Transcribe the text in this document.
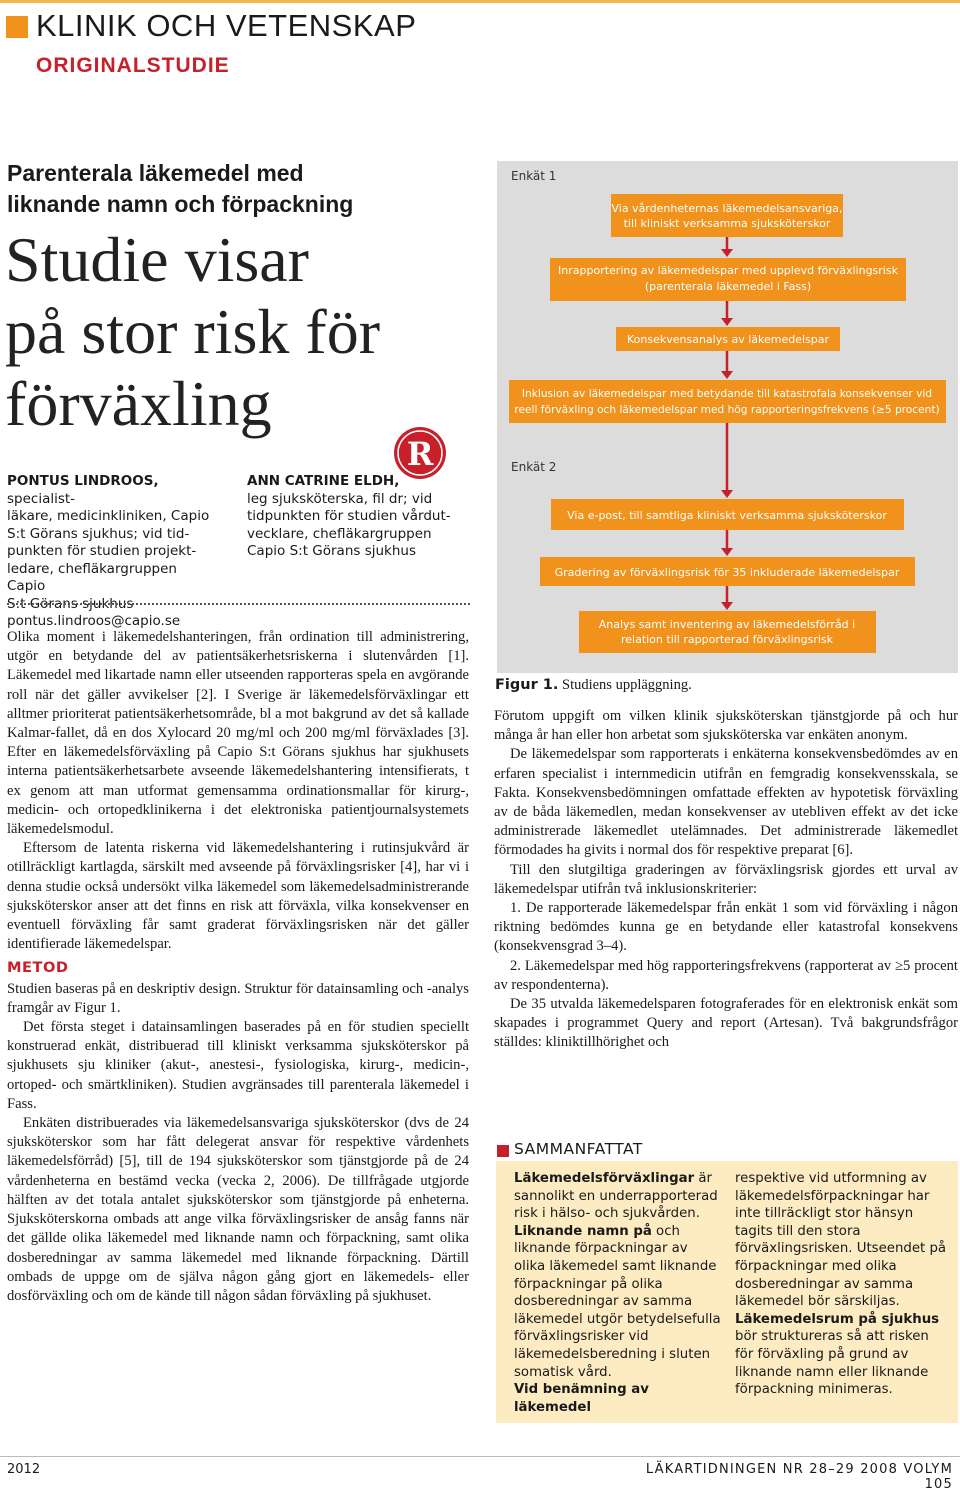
KLINIK OCH VETENSKAP
ORIGINALSTUDIE
Parenterala läkemedel med
liknande namn och förpackning
Studie visar
på stor risk för
förväxling
R
PONTUS LINDROOS, specialist-
läkare, medicinkliniken, Capio
S:t Görans sjukhus; vid tid-
punkten för studien projekt-
ledare, chefläkargruppen Capio
S:t Görans sjukhus
pontus.lindroos@capio.se
ANN CATRINE ELDH,
leg sjuksköterska, fil dr; vid
tidpunkten för studien vårdut-
vecklare, chefläkargruppen
Capio S:t Görans sjukhus

Olika moment i läkemedelshanteringen, från ordination till administrering, utgör en betydande del av patientsäkerhetsriskerna i slutenvården [1]. Läkemedel med likartade namn eller utseenden rapporteras spela en avgörande roll när det gäller avvikelser [2]. I Sverige är läkemedelsförväxlingar ett alltmer prioriterat patientsäkerhetsområde, bl a mot bakgrund av det så kallade Kalmar-fallet, då en dos Xylocard 20 mg/ml och 200 mg/ml förväxlades [3]. Efter en läkemedelsförväxling på Capio S:t Görans sjukhus har sjukhusets interna patientsäkerhetsarbete avseende läkemedelshantering intensifierats, t ex genom att man utformat gemensamma ordinationsmallar för kirurg-, medicin- och ortopedklinikerna i det elektroniska patientjournalsystemets läkemedelsmodul.

Eftersom de latenta riskerna vid läkemedelshantering i rutinsjukvård är otillräckligt kartlagda, särskilt med avseende på förväxlingsrisker [4], har vi i denna studie också undersökt vilka läkemedel som läkemedelsadministrerande sjuksköterskor anser att det finns en risk att förväxla, vilka konsekvenser en eventuell förväxling får samt graderat förväxlingsrisken när det gäller identifierade läkemedelspar.

METOD

Studien baseras på en deskriptiv design. Struktur för datainsamling och -analys framgår av Figur 1.

Det första steget i datainsamlingen baserades på en för studien speciellt konstruerad enkät, distribuerad till kliniskt verksamma sjuksköterskor på sjukhusets sju kliniker (akut-, anestesi-, fysiologiska, kirurg-, medicin-, ortoped- och smärtkliniken). Studien avgränsades till parenterala läkemedel i Fass.

Enkäten distribuerades via läkemedelsansvariga sjuksköterskor (dvs de 24 sjuksköterskor som har fått delegerat ansvar för respektive vårdenhets läkemedelsförråd) [5], till de 194 sjuksköterskor som tjänstgjorde på de 24 vårdenheterna en bestämd vecka (vecka 2, 2006). De tillfrågade utgjorde hälften av det totala antalet sjuksköterskor som tjänstgjorde på enheterna. Sjuksköterskorna ombads att ange vilka förväxlingsrisker de ansåg fanns när det gällde olika läkemedel med liknande namn och förpackning, samt olika dosberedningar av samma läkemedel med liknande förpackning. Därtill ombads de uppge om de själva någon gång gjort en läkemedels- eller dosförväxling och om de kände till någon sådan förväxling på sjukhuset.

Enkät 1
Enkät 2
Via vårdenheternas läkemedelsansvariga,
till kliniskt verksamma sjuksköterskor
Inrapportering av läkemedelspar med upplevd förväxlingsrisk
(parenterala läkemedel i Fass)
Konsekvensanalys av läkemedelspar
Inklusion av läkemedelspar med betydande till katastrofala konsekvenser vid
reell förväxling och läkemedelspar med hög rapporteringsfrekvens (≥5 procent)
Via e-post, till samtliga kliniskt verksamma sjuksköterskor
Gradering av förväxlingsrisk för 35 inkluderade läkemedelspar
Analys samt inventering av läkemedelsförråd i
relation till rapporterad förväxlingsrisk
Figur 1. Studiens uppläggning.

Förutom uppgift om vilken klinik sjuksköterskan tjänstgjorde på och hur många år han eller hon arbetat som sjuksköterska var enkäten anonym.

De läkemedelspar som rapporterats i enkäterna konsekvensbedömdes av en erfaren specialist i internmedicin utifrån en femgradig konsekvensskala, se Fakta. Konsekvensbedömningen omfattade effekten av hypotetisk förväxling av de båda läkemedlen, medan konsekvenser av utebliven effekt av det icke administrerade läkemedlet utelämnades. Det administrerade läkemedlet förmodades ha givits i normal dos för respektive preparat [6].

Till den slutgiltiga graderingen av förväxlingsrisk gjordes ett urval av läkemedelspar utifrån två inklusionskriterier:

1. De rapporterade läkemedelspar från enkät 1 som vid förväxling i någon riktning bedömdes kunna ge en betydande eller katastrofal konsekvens (konsekvensgrad 3–4).

2. Läkemedelspar med hög rapporteringsfrekvens (rapporterat av ≥5 procent av respondenterna).

De 35 utvalda läkemedelsparen fotograferades för en elektronisk enkät som skapades i programmet Query and report (Artesan). Två bakgrundsfrågor ställdes: kliniktillhörighet och

SAMMANFATTAT
Läkemedelsförväxlingar är sannolikt en underrapporterad risk i hälso- och sjukvården.
Liknande namn på och liknande förpackningar av olika läkemedel samt liknande förpackningar på olika dosberedningar av samma läkemedel utgör betydelsefulla förväxlingsrisker vid läkemedelsberedning i sluten somatisk vård.
Vid benämning av läkemedel
respektive vid utformning av läkemedelsförpackningar har inte tillräckligt stor hänsyn tagits till den stora förväxlingsrisken. Utseendet på förpackningar med olika dosberedningar av samma läkemedel bör särskiljas.
Läkemedelsrum på sjukhus bör struktureras så att risken för förväxling på grund av liknande namn eller liknande förpackning minimeras.
2012	LÄKARTIDNINGEN NR 28–29 2008 VOLYM 105
